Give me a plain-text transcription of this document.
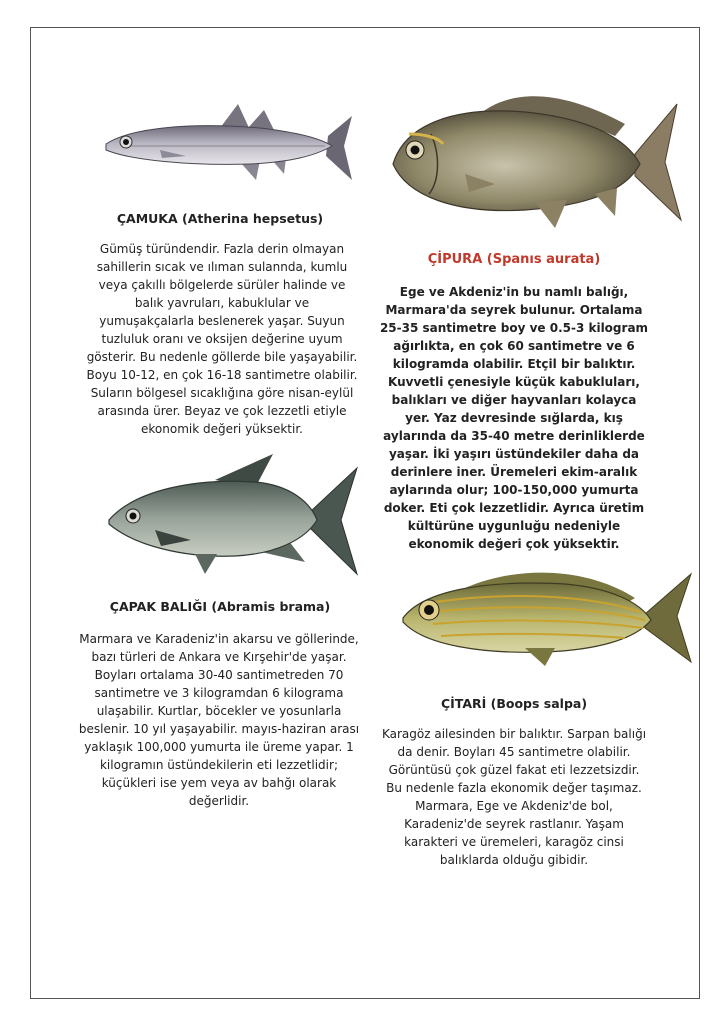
ÇAMUKA (Atherina hepsetus)

Gümüş türündendir. Fazla derin olmayan sahillerin sıcak ve ılıman sulannda, kumlu veya çakıllı bölgelerde sürüler halinde ve balık yavruları, kabuklular ve yumuşakçalarla beslenerek yaşar. Suyun tuzluluk oranı ve oksijen değerine uyum gösterir. Bu nedenle göllerde bile yaşayabilir. Boyu 10-12, en çok 16-18 santimetre olabilir. Suların bölgesel sıcaklığına göre nisan-eylül arasında ürer. Beyaz ve çok lezzetli etiyle ekonomik değeri yüksektir.

ÇİPURA (Spanıs aurata)

Ege ve Akdeniz'in bu namlı balığı, Marmara'da seyrek bulunur. Ortalama 25-35 santimetre boy ve 0.5-3 kilogram ağırlıkta, en çok 60 santimetre ve 6 kilogramda olabilir. Etçil bir balıktır. Kuvvetli çenesiyle küçük kabukluları, balıkları ve diğer hayvanları kolayca yer. Yaz devresinde sığlarda, kış aylarında da 35-40 metre derinliklerde yaşar. İki yaşırı üstündekiler daha da derinlere iner. Üremeleri ekim-aralık aylarında olur; 100-150,000 yumurta doker. Eti çok lezzetlidir. Ayrıca üretim kültürüne uygunluğu nedeniyle ekonomik değeri çok yüksektir.

ÇAPAK BALIĞI (Abramis brama)

Marmara ve Karadeniz'in akarsu ve göllerinde, bazı türleri de Ankara ve Kırşehir'de yaşar. Boyları ortalama 30-40 santimetreden 70 santimetre ve 3 kilogramdan 6 kilograma ulaşabilir. Kurtlar, böcekler ve yosunlarla beslenir. 10 yıl yaşayabilir. mayıs-haziran arası yaklaşık 100,000 yumurta ile üreme yapar. 1 kilogramın üstündekilerin eti lezzetlidir; küçükleri ise yem veya av bahğı olarak değerlidir.

ÇİTARİ (Boops salpa)

Karagöz ailesinden bir balıktır. Sarpan balığı da denir. Boyları 45 santimetre olabilir. Görüntüsü çok güzel fakat eti lezzetsizdir. Bu nedenle fazla ekonomik değer taşımaz. Marmara, Ege ve Akdeniz'de bol, Karadeniz'de seyrek rastlanır. Yaşam karakteri ve üremeleri, karagöz cinsi balıklarda olduğu gibidir.
